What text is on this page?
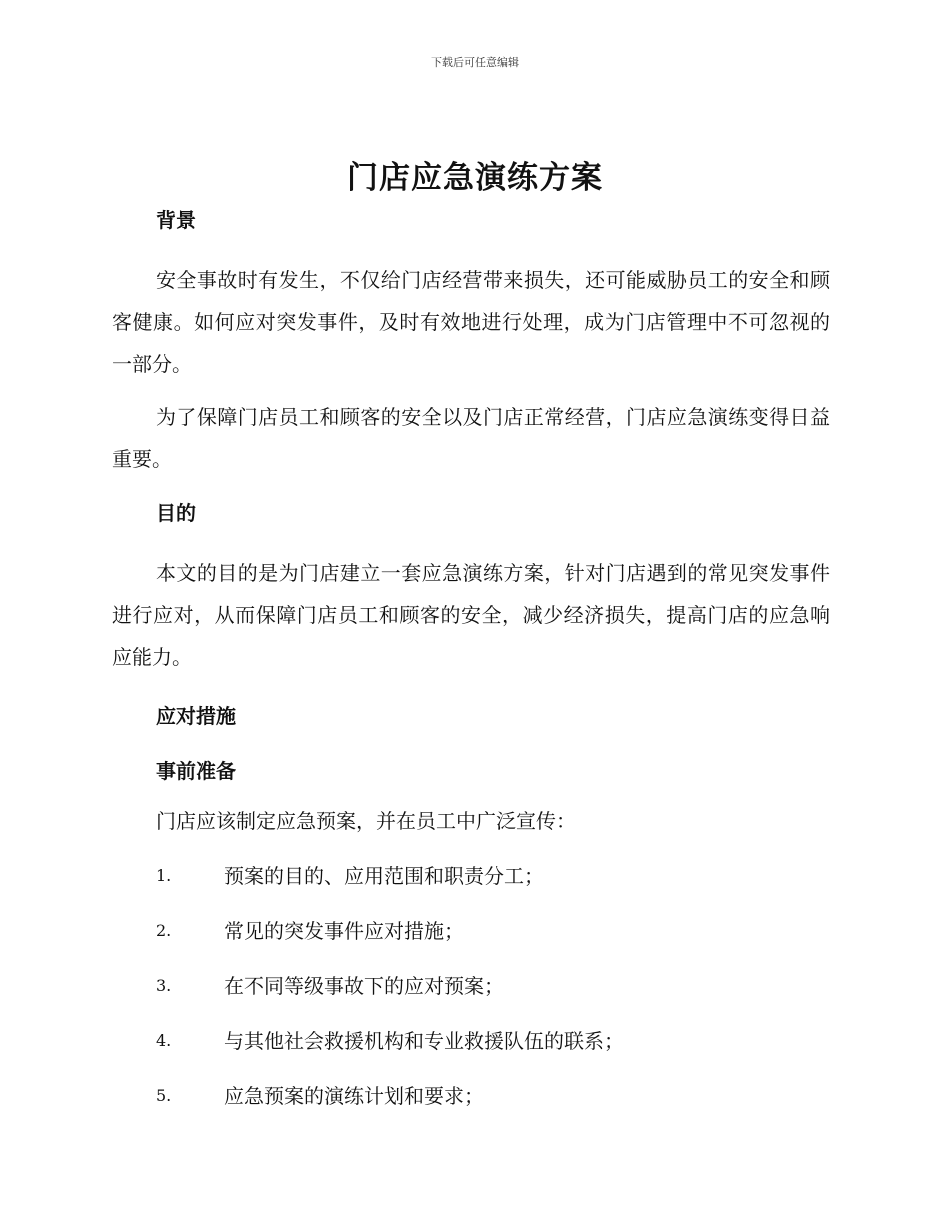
下载后可任意编辑
门店应急演练方案
背景

安全事故时有发生，不仅给门店经营带来损失，还可能威胁员工的安全和顾客健康。如何应对突发事件，及时有效地进行处理，成为门店管理中不可忽视的一部分。

为了保障门店员工和顾客的安全以及门店正常经营，门店应急演练变得日益重要。

目的

本文的目的是为门店建立一套应急演练方案，针对门店遇到的常见突发事件进行应对，从而保障门店员工和顾客的安全，减少经济损失，提高门店的应急响应能力。

应对措施
事前准备

门店应该制定应急预案，并在员工中广泛宣传：

1.	预案的目的、应用范围和职责分工；
2.	常见的突发事件应对措施；
3.	在不同等级事故下的应对预案；
4.	与其他社会救援机构和专业救援队伍的联系；
5.	应急预案的演练计划和要求；
